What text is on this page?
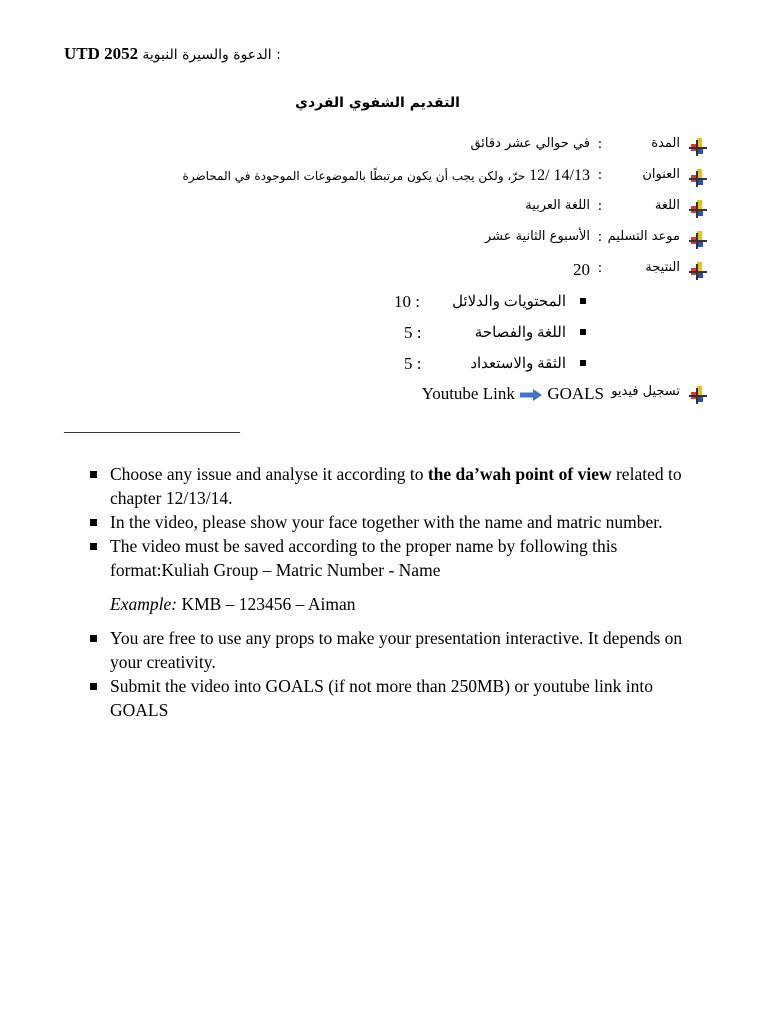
UTD 2052 الدعوة والسيرة النبوية :
التقديم الشفوي الفردي
المدة
:
في حوالي عشر دقائق
العنوان
:
14/13 /12 حرّ، ولكن يجب أن يكون مرتبطًا بالموضوعات الموجودة في المحاضرة
اللغة
:
اللغة العربية
موعد التسليم
:
الأسبوع الثانية عشر
النتيجة
:
20
المحتويات والدلائل
10 :
اللغة والفصاحة
5 :
الثقة والاستعداد
5 :
تسجيل فيديو
Youtube Link GOALS
______________________
Choose any issue and analyse it according to the da’wah point of view related to chapter 12/13/14.
In the video, please show your face together with the name and matric number.
The video must be saved according to the proper name by following this format:Kuliah Group – Matric Number - Name
Example: KMB – 123456 – Aiman
You are free to use any props to make your presentation interactive. It depends on your creativity.
Submit the video into GOALS (if not more than 250MB) or youtube link into GOALS
